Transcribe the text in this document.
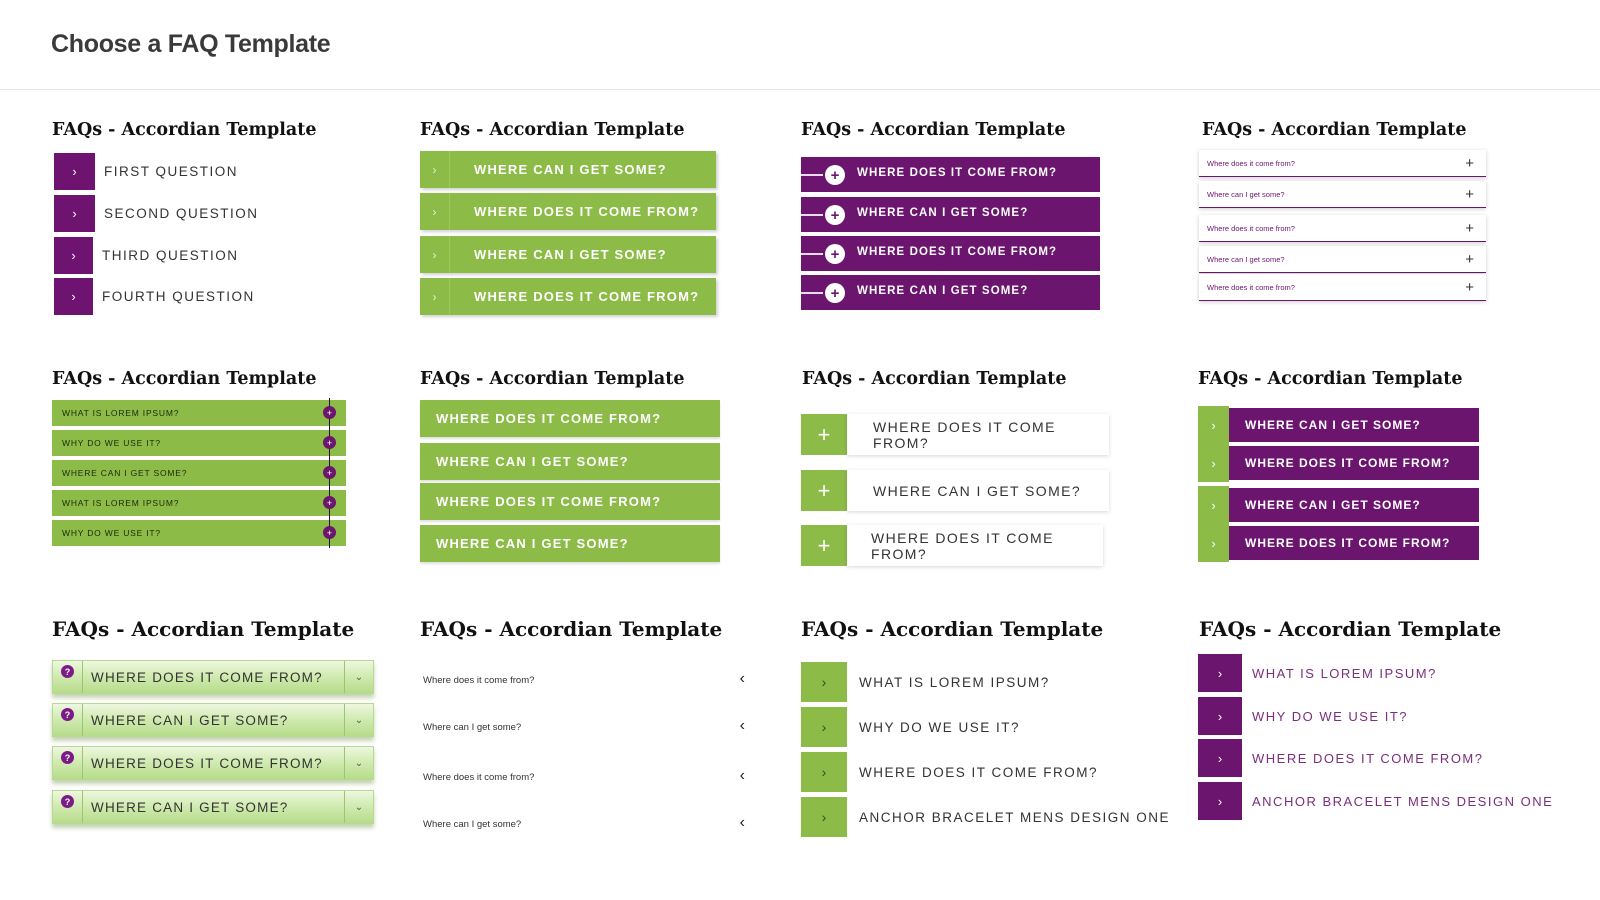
Choose a FAQ Template
FAQs - Accordian Template
›	FIRST QUESTION
›	SECOND QUESTION
›	THIRD QUESTION
›	FOURTH QUESTION
FAQs - Accordian Template
›	WHERE CAN I GET SOME?
›	WHERE DOES IT COME FROM?
›	WHERE CAN I GET SOME?
›	WHERE DOES IT COME FROM?
FAQs - Accordian Template
+	WHERE DOES IT COME FROM?
+	WHERE CAN I GET SOME?
+	WHERE DOES IT COME FROM?
+	WHERE CAN I GET SOME?
FAQs - Accordian Template
Where does it come from?	+
Where can I get some?	+
Where does it come from?	+
Where can I get some?	+
Where does it come from?	+
FAQs - Accordian Template
WHAT IS LOREM IPSUM?	+
WHY DO WE USE IT?	+
WHERE CAN I GET SOME?	+
WHAT IS LOREM IPSUM?	+
WHY DO WE USE IT?	+
FAQs - Accordian Template
WHERE DOES IT COME FROM?
WHERE CAN I GET SOME?
WHERE DOES IT COME FROM?
WHERE CAN I GET SOME?
FAQs - Accordian Template
+	WHERE DOES IT COME FROM?
+	WHERE CAN I GET SOME?
+	WHERE DOES IT COME FROM?
FAQs - Accordian Template
›	WHERE CAN I GET SOME?
›	WHERE DOES IT COME FROM?
›	WHERE CAN I GET SOME?
›	WHERE DOES IT COME FROM?
FAQs - Accordian Template
? WHERE DOES IT COME FROM?	⌄
? WHERE CAN I GET SOME?	⌄
? WHERE DOES IT COME FROM?	⌄
? WHERE CAN I GET SOME?	⌄
FAQs - Accordian Template
Where does it come from?	‹
Where can I get some?	‹
Where does it come from?	‹
Where can I get some?	‹
FAQs - Accordian Template
›	WHAT IS LOREM IPSUM?
›	WHY DO WE USE IT?
›	WHERE DOES IT COME FROM?
›	ANCHOR BRACELET MENS DESIGN ONE
FAQs - Accordian Template
›	WHAT IS LOREM IPSUM?
›	WHY DO WE USE IT?
›	WHERE DOES IT COME FROM?
›	ANCHOR BRACELET MENS DESIGN ONE
